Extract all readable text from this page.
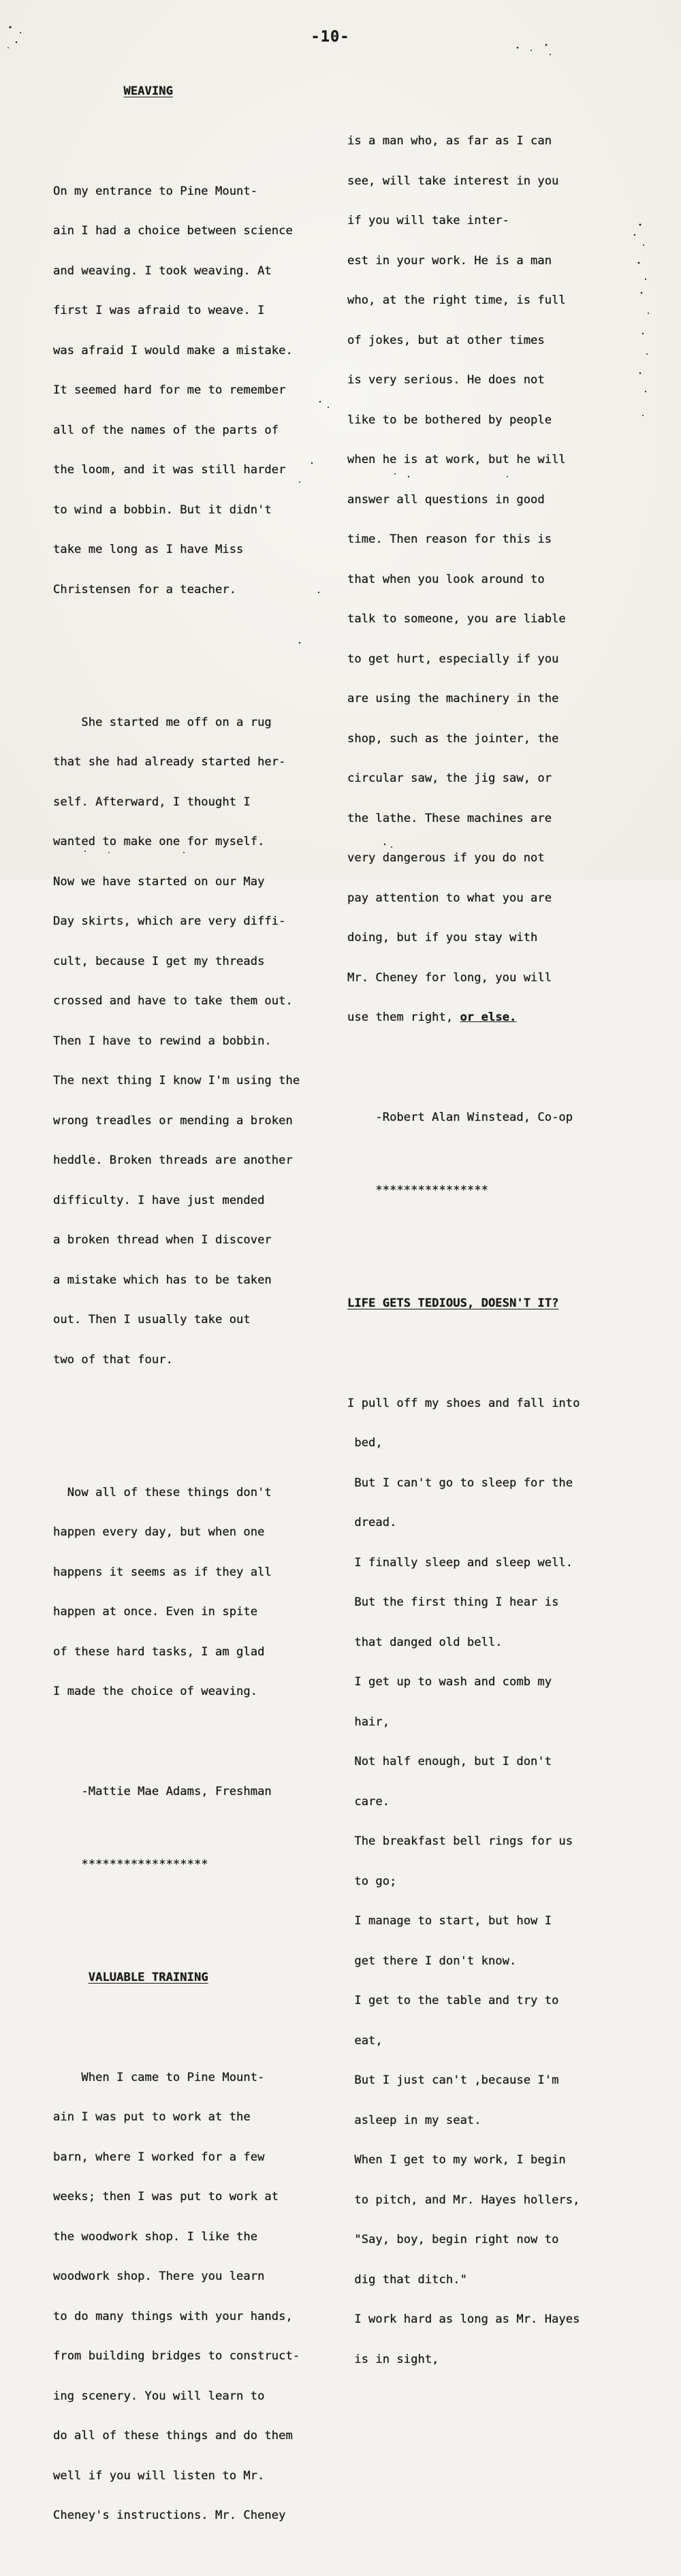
-10-

WEAVING

On my entrance to Pine Mount-

ain I had a choice between science

and weaving. I took weaving. At

first I was afraid to weave. I

was afraid I would make a mistake.

It seemed hard for me to remember

all of the names of the parts of

the loom, and it was still harder

to wind a bobbin. But it didn't

take me long as I have Miss

Christensen for a teacher.

She started me off on a rug

that she had already started her-

self. Afterward, I thought I

wanted to make one for myself.

Now we have started on our May

Day skirts, which are very diffi-

cult, because I get my threads

crossed and have to take them out.

Then I have to rewind a bobbin.

The next thing I know I'm using the

wrong treadles or mending a broken

heddle. Broken threads are another

difficulty. I have just mended

a broken thread when I discover

a mistake which has to be taken

out. Then I usually take out

two of that four.

Now all of these things don't

happen every day, but when one

happens it seems as if they all

happen at once. Even in spite

of these hard tasks, I am glad

I made the choice of weaving.

-Mattie Mae Adams, Freshman

******************

VALUABLE TRAINING

When I came to Pine Mount-

ain I was put to work at the

barn, where I worked for a few

weeks; then I was put to work at

the woodwork shop. I like the

woodwork shop. There you learn

to do many things with your hands,

from building bridges to construct-

ing scenery. You will learn to

do all of these things and do them

well if you will listen to Mr.

Cheney's instructions. Mr. Cheney

is a man who, as far as I can

see, will take interest in you

if you will take inter-

est in your work. He is a man

who, at the right time, is full

of jokes, but at other times

is very serious. He does not

like to be bothered by people

when he is at work, but he will

answer all questions in good

time. Then reason for this is

that when you look around to

talk to someone, you are liable

to get hurt, especially if you

are using the machinery in the

shop, such as the jointer, the

circular saw, the jig saw, or

the lathe. These machines are

very dangerous if you do not

pay attention to what you are

doing, but if you stay with

Mr. Cheney for long, you will

use them right, or else.

-Robert Alan Winstead, Co-op

****************

LIFE GETS TEDIOUS, DOESN'T IT?

I pull off my shoes and fall into

bed,

But I can't go to sleep for the

dread.

I finally sleep and sleep well.

But the first thing I hear is

that danged old bell.

I get up to wash and comb my

hair,

Not half enough, but I don't

care.

The breakfast bell rings for us

to go;

I manage to start, but how I

get there I don't know.

I get to the table and try to

eat,

But I just can't ,because I'm

asleep in my seat.

When I get to my work, I begin

to pitch, and Mr. Hayes hollers,

"Say, boy, begin right now to

dig that ditch."

I work hard as long as Mr. Hayes

is in sight,
